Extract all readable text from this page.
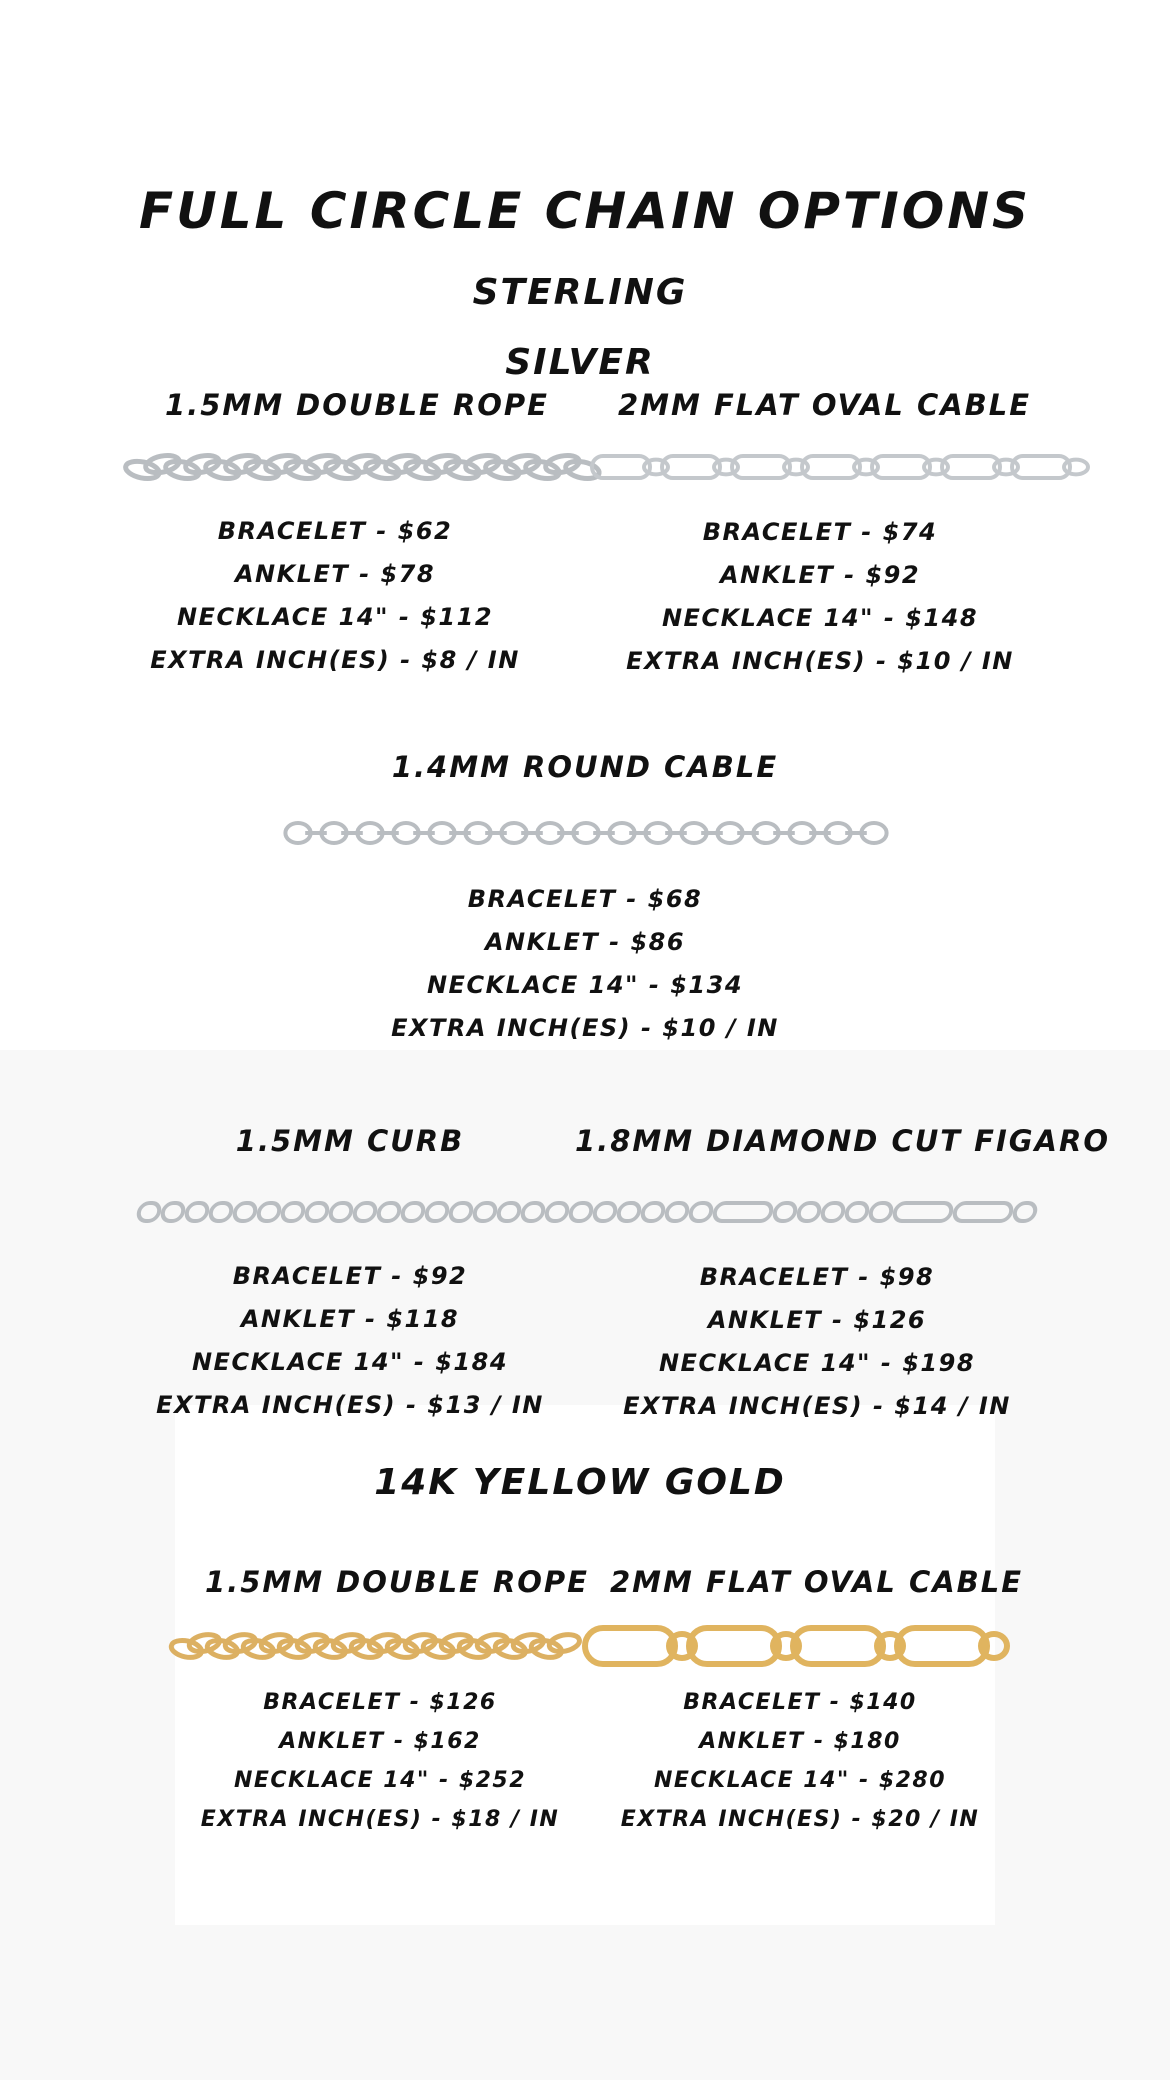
FULL CIRCLE CHAIN OPTIONS
STERLING
SILVER
1.5MM DOUBLE ROPE 2MM FLAT OVAL CABLE
BRACELET - $62
ANKLET - $78
NECKLACE 14" - $112
EXTRA INCH(ES) - $8 / IN
BRACELET - $74
ANKLET - $92
NECKLACE 14" - $148
EXTRA INCH(ES) - $10 / IN
1.4MM ROUND CABLE
BRACELET - $68
ANKLET - $86
NECKLACE 14" - $134
EXTRA INCH(ES) - $10 / IN
1.5MM CURB	1.8MM DIAMOND CUT FIGARO
BRACELET - $92
ANKLET - $118
NECKLACE 14" - $184
EXTRA INCH(ES) - $13 / IN
BRACELET - $98
ANKLET - $126
NECKLACE 14" - $198
EXTRA INCH(ES) - $14 / IN
14K YELLOW GOLD
1.5MM DOUBLE ROPE 2MM FLAT OVAL CABLE
BRACELET - $126
ANKLET - $162
NECKLACE 14" - $252
EXTRA INCH(ES) - $18 / IN
BRACELET - $140
ANKLET - $180
NECKLACE 14" - $280
EXTRA INCH(ES) - $20 / IN
